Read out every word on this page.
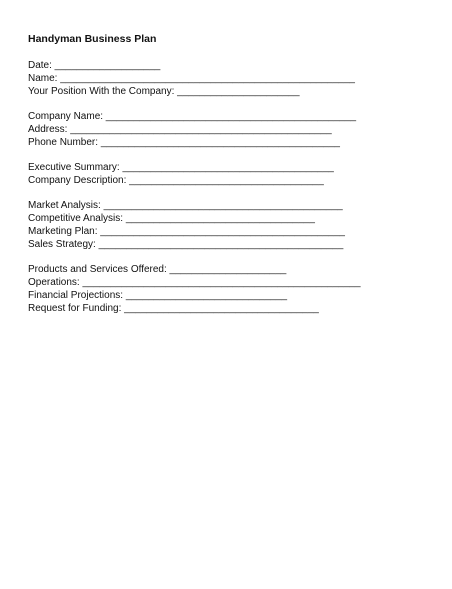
Handyman Business Plan
Date: ___________________
Name: _____________________________________________________
Your Position With the Company: ______________________
Company Name: _____________________________________________
Address: _______________________________________________
Phone Number: ___________________________________________
Executive Summary: ______________________________________
Company Description: ___________________________________
Market Analysis: ___________________________________________
Competitive Analysis: __________________________________
Marketing Plan: ____________________________________________
Sales Strategy: ____________________________________________
Products and Services Offered: _____________________
Operations: __________________________________________________
Financial Projections: _____________________________
Request for Funding: ___________________________________
